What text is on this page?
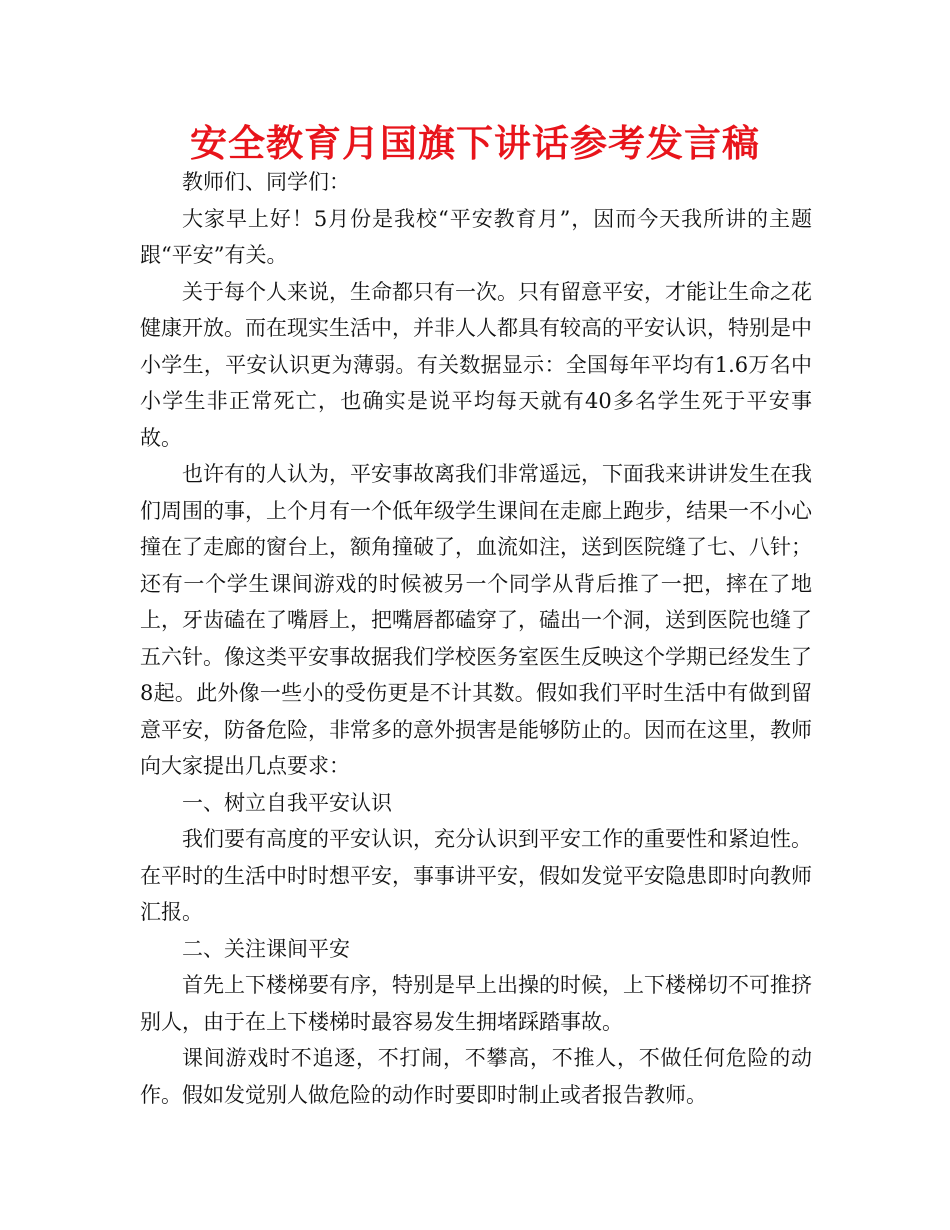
安全教育月国旗下讲话参考发言稿

教师们、同学们：

大家早上好！5月份是我校“平安教育月”，因而今天我所讲的主题跟“平安”有关。

关于每个人来说，生命都只有一次。只有留意平安，才能让生命之花健康开放。而在现实生活中，并非人人都具有较高的平安认识，特别是中小学生，平安认识更为薄弱。有关数据显示：全国每年平均有1.6万名中小学生非正常死亡，也确实是说平均每天就有40多名学生死于平安事故。

也许有的人认为，平安事故离我们非常遥远，下面我来讲讲发生在我们周围的事，上个月有一个低年级学生课间在走廊上跑步，结果一不小心撞在了走廊的窗台上，额角撞破了，血流如注，送到医院缝了七、八针；还有一个学生课间游戏的时候被另一个同学从背后推了一把，摔在了地上，牙齿磕在了嘴唇上，把嘴唇都磕穿了，磕出一个洞，送到医院也缝了五六针。像这类平安事故据我们学校医务室医生反映这个学期已经发生了8起。此外像一些小的受伤更是不计其数。假如我们平时生活中有做到留意平安，防备危险，非常多的意外损害是能够防止的。因而在这里，教师向大家提出几点要求：

一、树立自我平安认识

我们要有高度的平安认识，充分认识到平安工作的重要性和紧迫性。在平时的生活中时时想平安，事事讲平安，假如发觉平安隐患即时向教师汇报。

二、关注课间平安

首先上下楼梯要有序，特别是早上出操的时候，上下楼梯切不可推挤别人，由于在上下楼梯时最容易发生拥堵踩踏事故。

课间游戏时不追逐，不打闹，不攀高，不推人，不做任何危险的动作。假如发觉别人做危险的动作时要即时制止或者报告教师。
